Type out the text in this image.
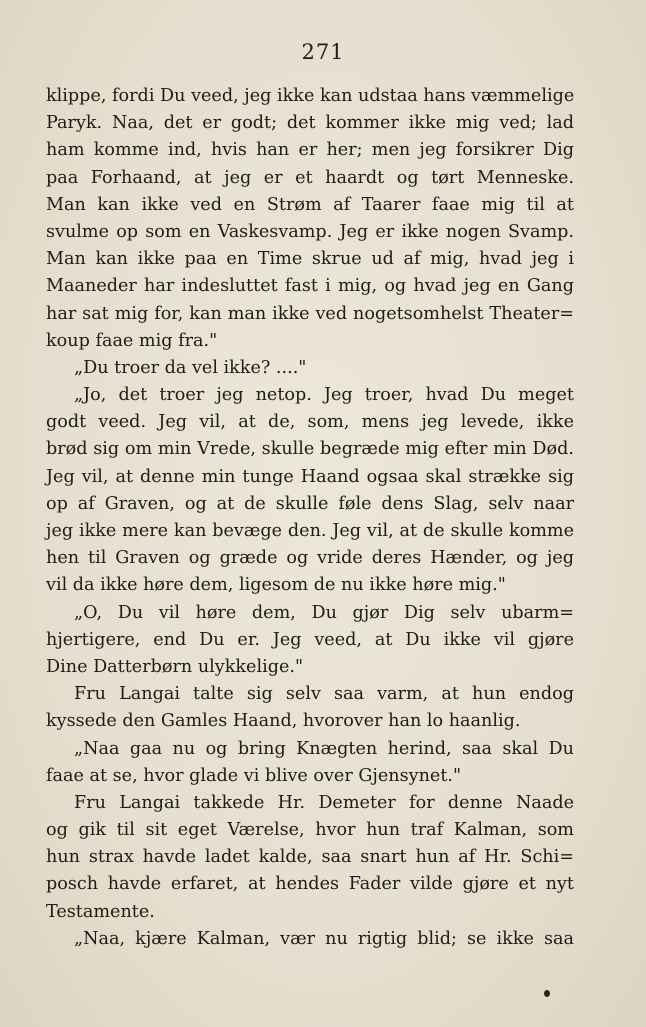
271
klippe, fordi Du veed, jeg ikke kan udstaa hans væmmelige
Paryk. Naa, det er godt; det kommer ikke mig ved; lad
ham komme ind, hvis han er her; men jeg forsikrer Dig
paa Forhaand, at jeg er et haardt og tørt Menneske.
Man kan ikke ved en Strøm af Taarer faae mig til at
svulme op som en Vaskesvamp. Jeg er ikke nogen Svamp.
Man kan ikke paa en Time skrue ud af mig, hvad jeg i
Maaneder har indesluttet fast i mig, og hvad jeg en Gang
har sat mig for, kan man ikke ved nogetsomhelst Theater=
koup faae mig fra."
„Du troer da vel ikke? ...."
„Jo, det troer jeg netop. Jeg troer, hvad Du meget
godt veed. Jeg vil, at de, som, mens jeg levede, ikke
brød sig om min Vrede, skulle begræde mig efter min Død.
Jeg vil, at denne min tunge Haand ogsaa skal strække sig
op af Graven, og at de skulle føle dens Slag, selv naar
jeg ikke mere kan bevæge den. Jeg vil, at de skulle komme
hen til Graven og græde og vride deres Hænder, og jeg
vil da ikke høre dem, ligesom de nu ikke høre mig."
„O, Du vil høre dem, Du gjør Dig selv ubarm=
hjertigere, end Du er. Jeg veed, at Du ikke vil gjøre
Dine Datterbørn ulykkelige."
Fru Langai talte sig selv saa varm, at hun endog
kyssede den Gamles Haand, hvorover han lo haanlig.
„Naa gaa nu og bring Knægten herind, saa skal Du
faae at se, hvor glade vi blive over Gjensynet."
Fru Langai takkede Hr. Demeter for denne Naade
og gik til sit eget Værelse, hvor hun traf Kalman, som
hun strax havde ladet kalde, saa snart hun af Hr. Schi=
posch havde erfaret, at hendes Fader vilde gjøre et nyt
Testamente.
„Naa, kjære Kalman, vær nu rigtig blid; se ikke saa
